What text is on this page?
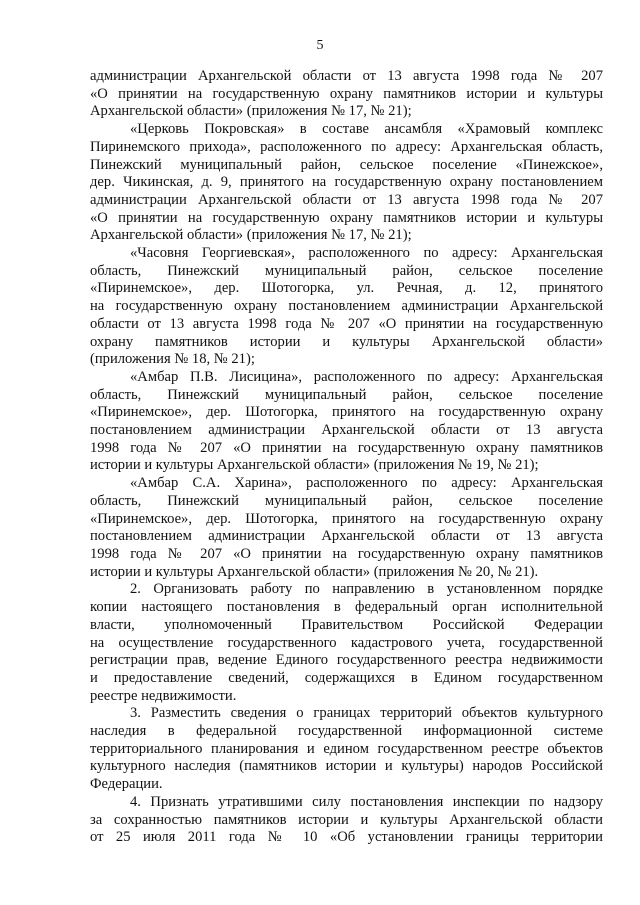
5
администрации Архангельской области от 13 августа 1998 года № 207
«О принятии на государственную охрану памятников истории и культуры
Архангельской области» (приложения № 17, № 21);
«Церковь Покровская» в составе ансамбля «Храмовый комплекс
Пиринемского прихода», расположенного по адресу: Архангельская область,
Пинежский муниципальный район, сельское поселение «Пинежское»,
дер. Чикинская, д. 9, принятого на государственную охрану постановлением
администрации Архангельской области от 13 августа 1998 года № 207
«О принятии на государственную охрану памятников истории и культуры
Архангельской области» (приложения № 17, № 21);
«Часовня Георгиевская», расположенного по адресу: Архангельская
область, Пинежский муниципальный район, сельское поселение
«Пиринемское», дер. Шотогорка, ул. Речная, д. 12, принятого
на государственную охрану постановлением администрации Архангельской
области от 13 августа 1998 года № 207 «О принятии на государственную
охрану памятников истории и культуры Архангельской области»
(приложения № 18, № 21);
«Амбар П.В. Лисицина», расположенного по адресу: Архангельская
область, Пинежский муниципальный район, сельское поселение
«Пиринемское», дер. Шотогорка, принятого на государственную охрану
постановлением администрации Архангельской области от 13 августа
1998 года № 207 «О принятии на государственную охрану памятников
истории и культуры Архангельской области» (приложения № 19, № 21);
«Амбар С.А. Харина», расположенного по адресу: Архангельская
область, Пинежский муниципальный район, сельское поселение
«Пиринемское», дер. Шотогорка, принятого на государственную охрану
постановлением администрации Архангельской области от 13 августа
1998 года № 207 «О принятии на государственную охрану памятников
истории и культуры Архангельской области» (приложения № 20, № 21).
2. Организовать работу по направлению в установленном порядке
копии настоящего постановления в федеральный орган исполнительной
власти, уполномоченный Правительством Российской Федерации
на осуществление государственного кадастрового учета, государственной
регистрации прав, ведение Единого государственного реестра недвижимости
и предоставление сведений, содержащихся в Едином государственном
реестре недвижимости.
3. Разместить сведения о границах территорий объектов культурного
наследия в федеральной государственной информационной системе
территориального планирования и едином государственном реестре объектов
культурного наследия (памятников истории и культуры) народов Российской
Федерации.
4. Признать утратившими силу постановления инспекции по надзору
за сохранностью памятников истории и культуры Архангельской области
от 25 июля 2011 года № 10 «Об установлении границы территории
